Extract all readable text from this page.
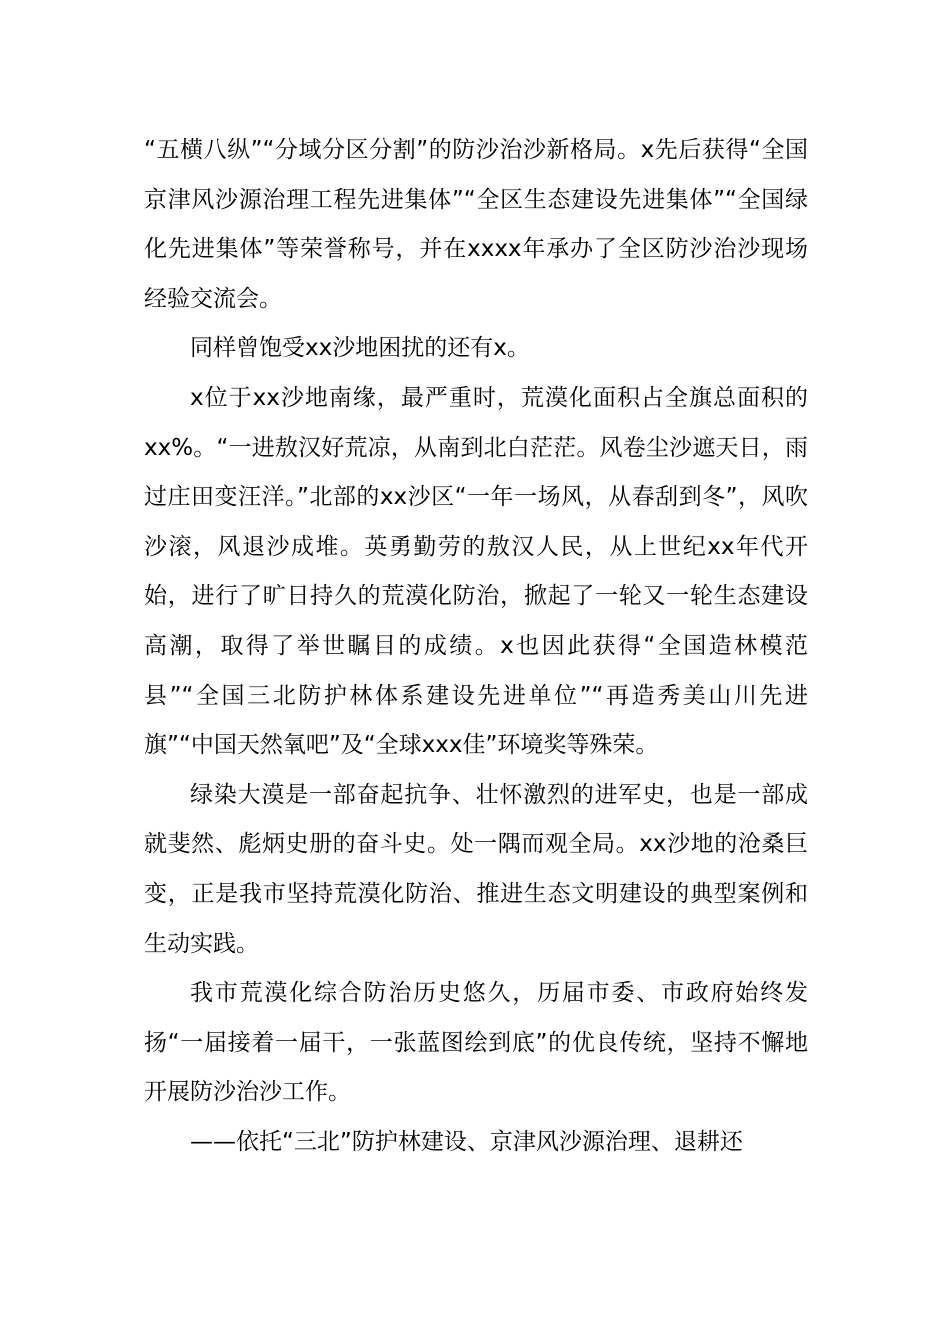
“五横八纵”“分域分区分割”的防沙治沙新格局。x先后获得“全国京津风沙源治理工程先进集体”“全区生态建设先进集体”“全国绿化先进集体”等荣誉称号，并在xxxx年承办了全区防沙治沙现场经验交流会。

同样曾饱受xx沙地困扰的还有x。

x位于xx沙地南缘，最严重时，荒漠化面积占全旗总面积的xx%。“一进敖汉好荒凉，从南到北白茫茫。风卷尘沙遮天日，雨过庄田变汪洋。”北部的xx沙区“一年一场风，从春刮到冬”，风吹沙滚，风退沙成堆。英勇勤劳的敖汉人民，从上世纪xx年代开始，进行了旷日持久的荒漠化防治，掀起了一轮又一轮生态建设高潮，取得了举世瞩目的成绩。x也因此获得“全国造林模范县”“全国三北防护林体系建设先进单位”“再造秀美山川先进旗”“中国天然氧吧”及“全球xxx佳”环境奖等殊荣。

绿染大漠是一部奋起抗争、壮怀激烈的进军史，也是一部成就斐然、彪炳史册的奋斗史。处一隅而观全局。xx沙地的沧桑巨变，正是我市坚持荒漠化防治、推进生态文明建设的典型案例和生动实践。

我市荒漠化综合防治历史悠久，历届市委、市政府始终发扬“一届接着一届干，一张蓝图绘到底”的优良传统，坚持不懈地开展防沙治沙工作。

——依托“三北”防护林建设、京津风沙源治理、退耕还
